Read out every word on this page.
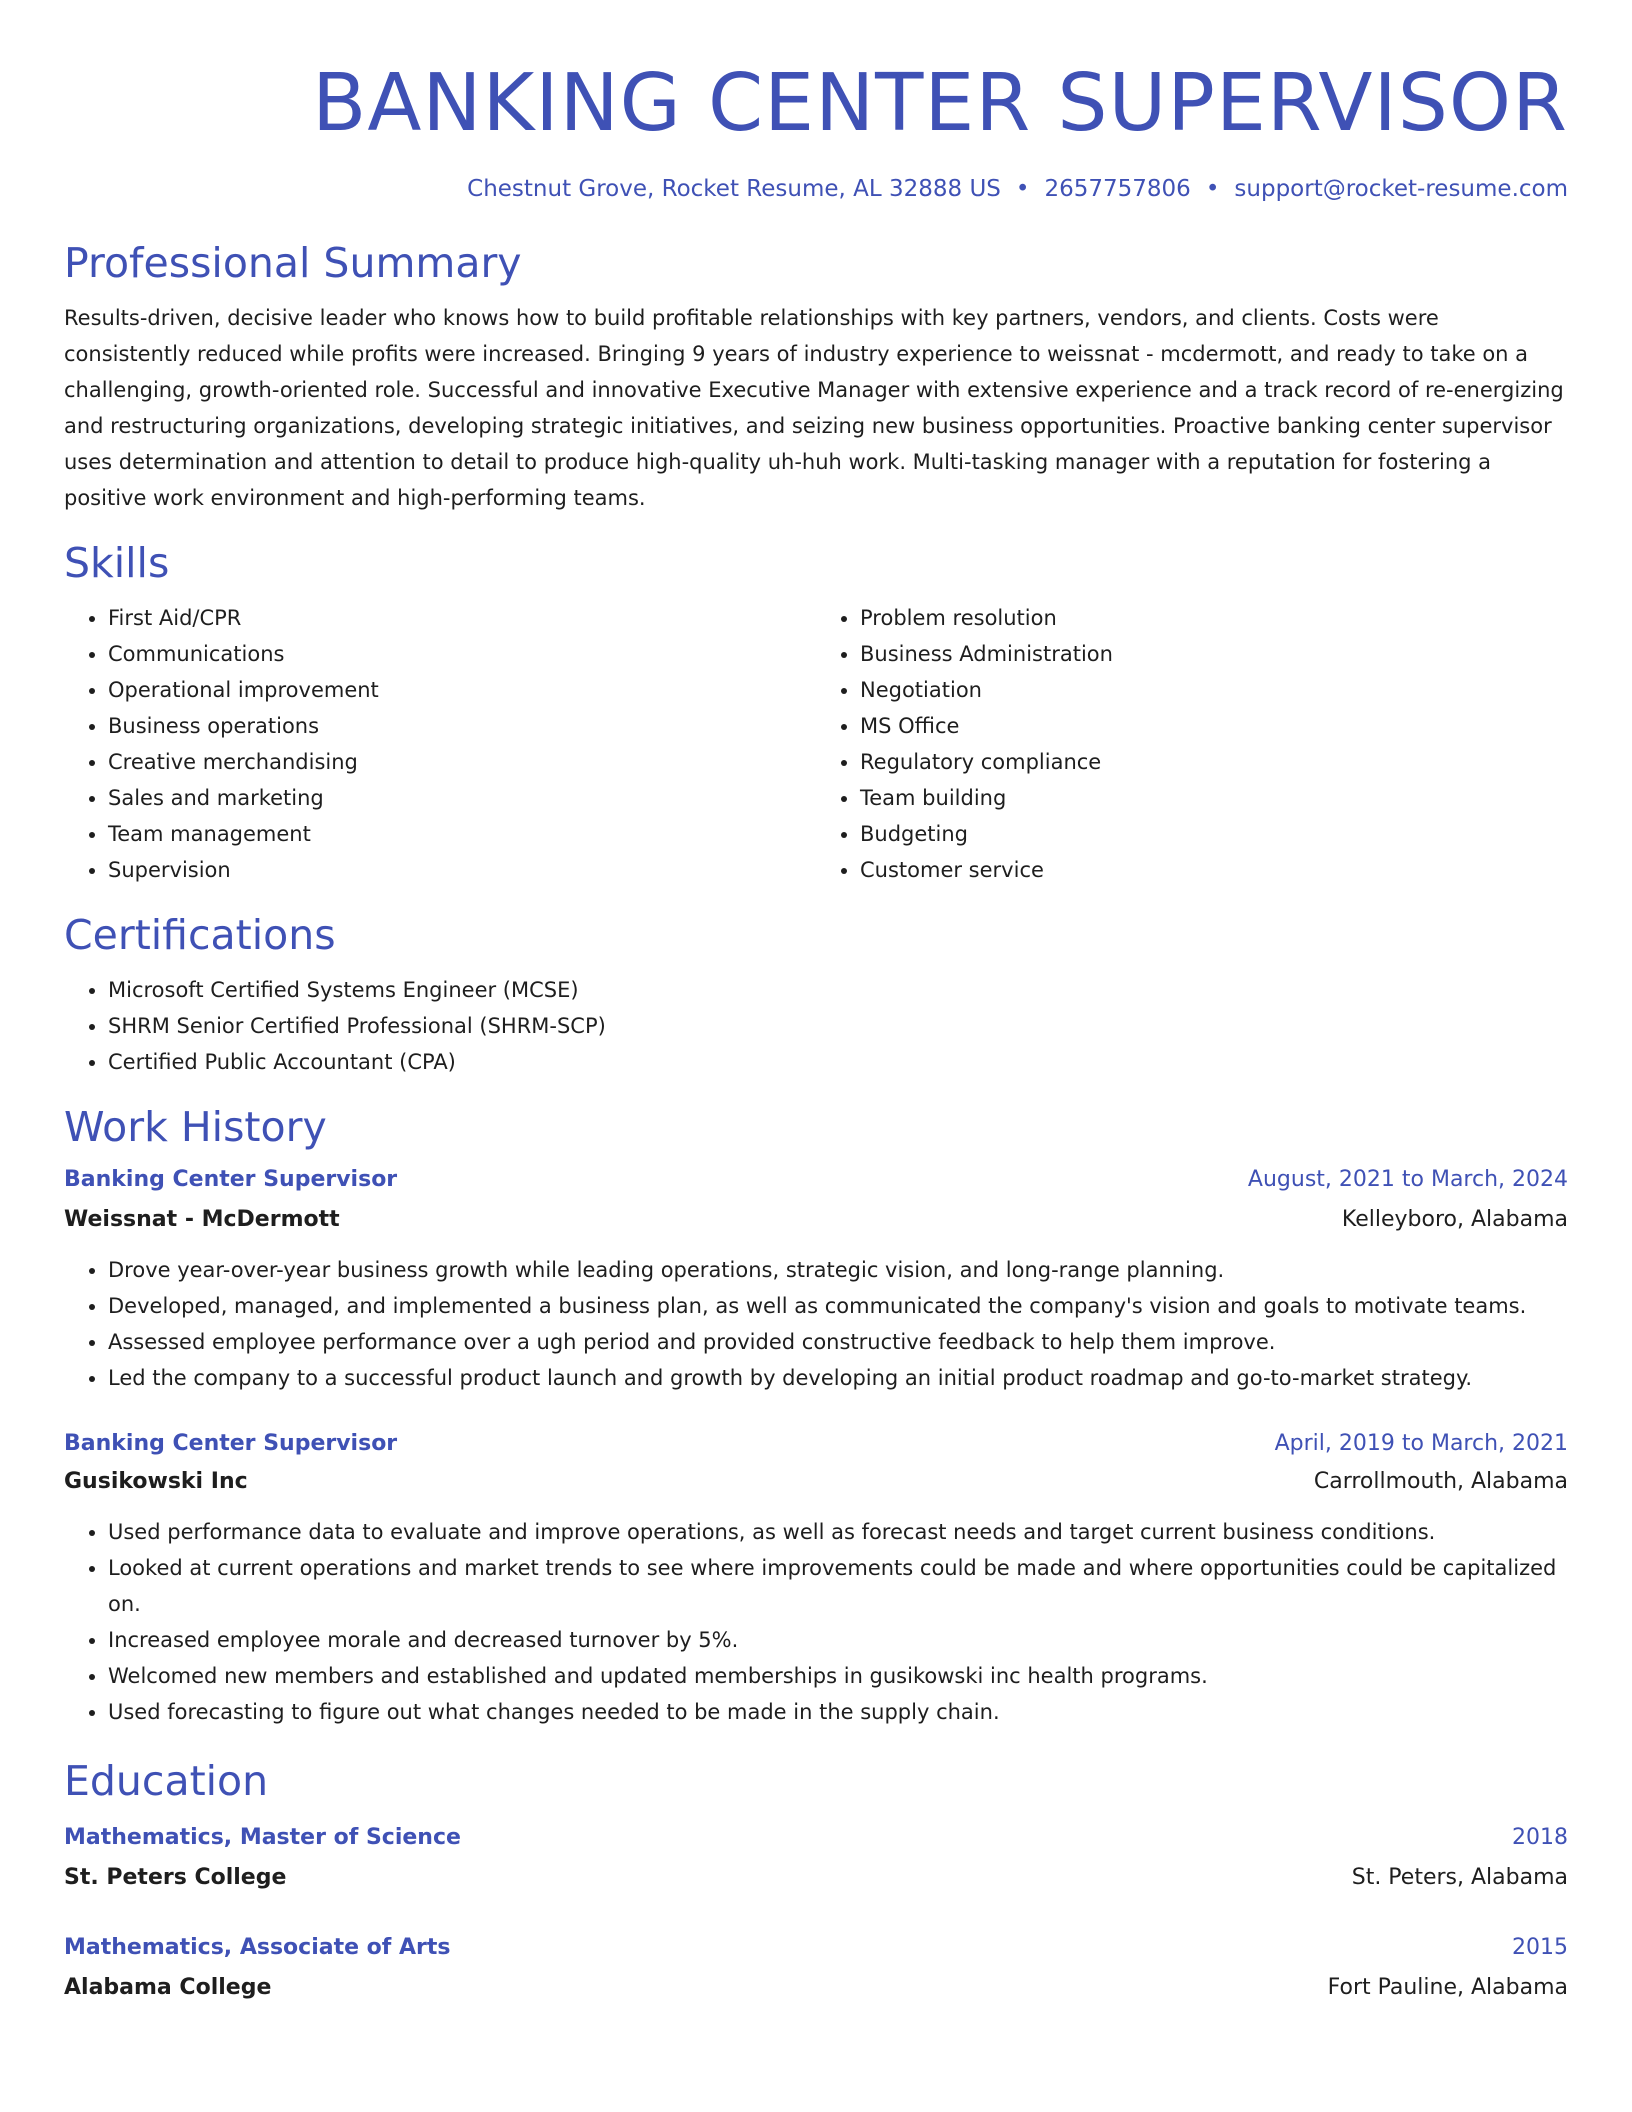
BANKING CENTER SUPERVISOR
Chestnut Grove, Rocket Resume, AL 32888 US • 2657757806 • support@rocket-resume.com
Professional Summary

Results-driven, decisive leader who knows how to build profitable relationships with key partners, vendors, and clients. Costs were consistently reduced while profits were increased. Bringing 9 years of industry experience to weissnat - mcdermott, and ready to take on a challenging, growth-oriented role. Successful and innovative Executive Manager with extensive experience and a track record of re-energizing and restructuring organizations, developing strategic initiatives, and seizing new business opportunities. Proactive banking center supervisor uses determination and attention to detail to produce high-quality uh-huh work. Multi-tasking manager with a reputation for fostering a positive work environment and high-performing teams.

Skills
• First Aid/CPR
• Communications
• Operational improvement
• Business operations
• Creative merchandising
• Sales and marketing
• Team management
• Supervision
• Problem resolution
• Business Administration
• Negotiation
• MS Office
• Regulatory compliance
• Team building
• Budgeting
• Customer service
Certifications
• Microsoft Certified Systems Engineer (MCSE)
• SHRM Senior Certified Professional (SHRM-SCP)
• Certified Public Accountant (CPA)
Work History
Banking Center Supervisor	August, 2021 to March, 2024
Weissnat - McDermott	Kelleyboro, Alabama
• Drove year-over-year business growth while leading operations, strategic vision, and long-range planning.
• Developed, managed, and implemented a business plan, as well as communicated the company's vision and goals to motivate teams.
• Assessed employee performance over a ugh period and provided constructive feedback to help them improve.
• Led the company to a successful product launch and growth by developing an initial product roadmap and go-to-market strategy.
Banking Center Supervisor	April, 2019 to March, 2021
Gusikowski Inc	Carrollmouth, Alabama
• Used performance data to evaluate and improve operations, as well as forecast needs and target current business conditions.
• Looked at current operations and market trends to see where improvements could be made and where opportunities could be capitalized on.
• Increased employee morale and decreased turnover by 5%.
• Welcomed new members and established and updated memberships in gusikowski inc health programs.
• Used forecasting to figure out what changes needed to be made in the supply chain.
Education
Mathematics, Master of Science	2018
St. Peters College	St. Peters, Alabama
Mathematics, Associate of Arts	2015
Alabama College	Fort Pauline, Alabama
